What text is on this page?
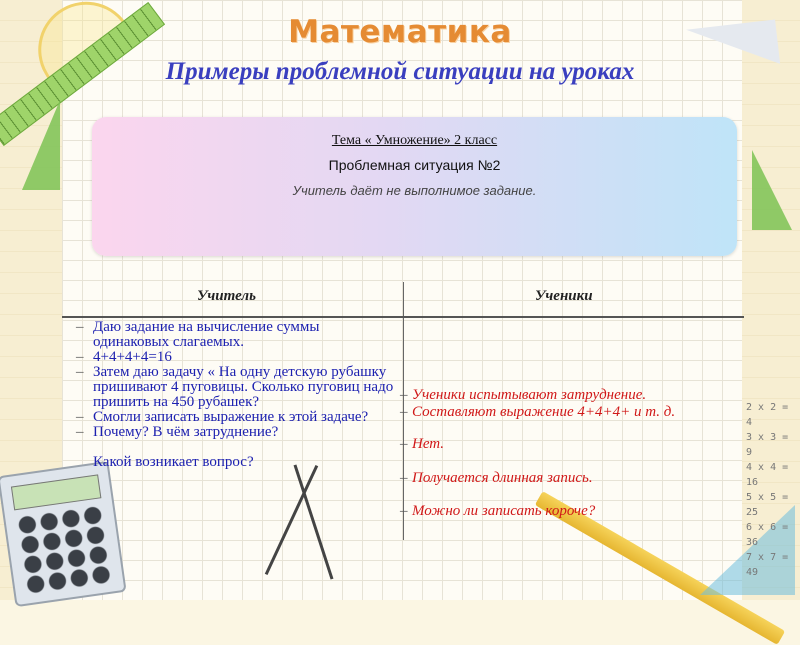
2 x 2 = 4
3 x 3 = 9
4 x 4 = 16
5 x 5 = 25
6 x 6 = 36
7 x 7 = 49
Математика
Примеры проблемной ситуации на уроках
Тема « Умножение» 2 класс
Проблемная ситуация №2
Учитель даёт не выполнимое задание.
Учитель	Ученики

– Даю задание на вычисление суммы одинаковых слагаемых.

– 4+4+4+4=16

– Затем даю задачу « На одну детскую рубашку пришивают 4 пуговицы. Сколько пуговиц надо пришить на 450 рубашек?

– Смогли записать выражение к этой задаче?

– Почему? В чём затруднение?

Какой возникает вопрос?

– Ученики испытывают затруднение.
– Составляют выражение 4+4+4+ и т. д.
– Нет.
– Получается длинная запись.
– Можно ли записать короче?
